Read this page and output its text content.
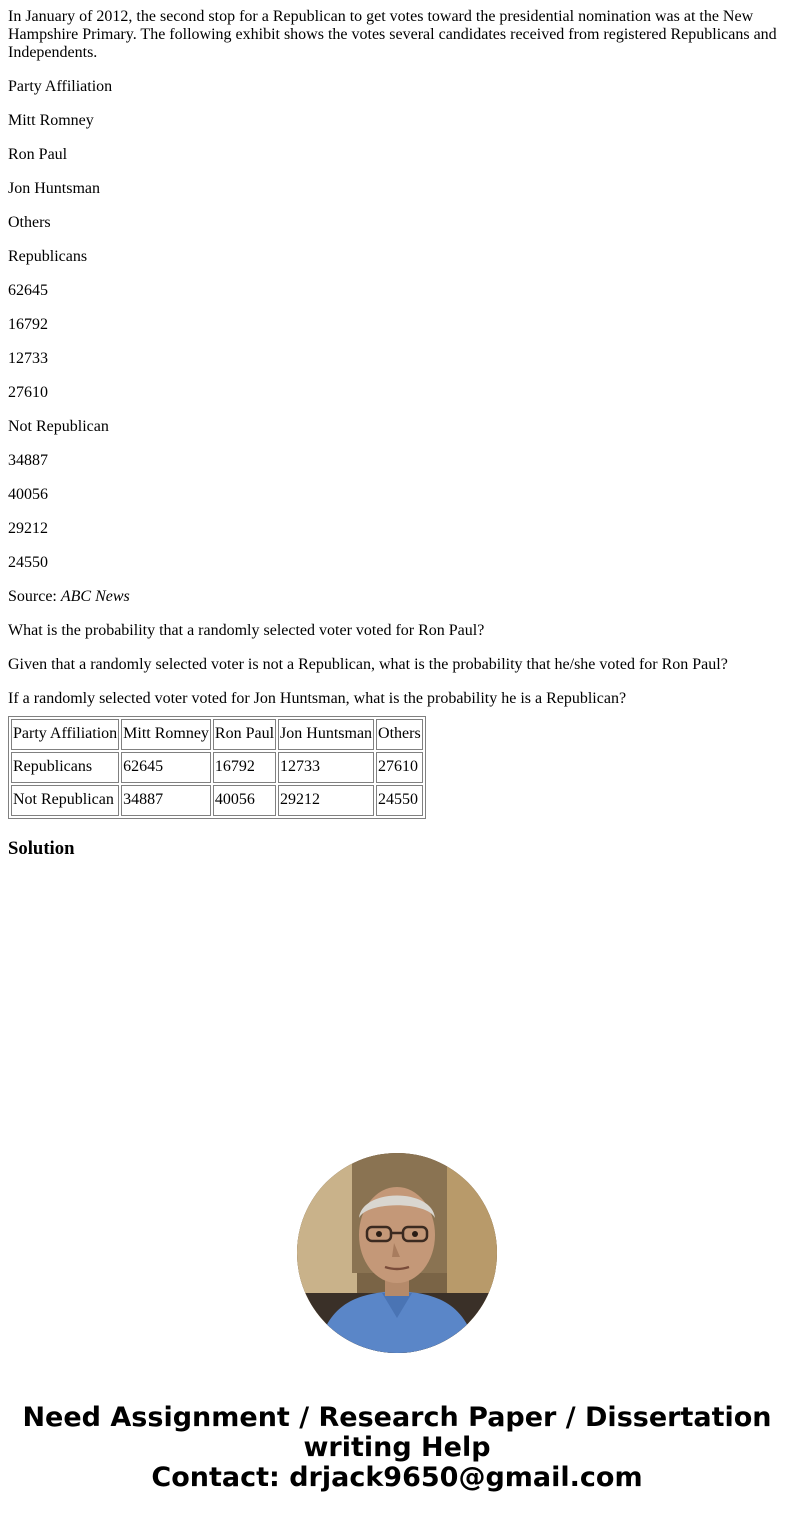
In January of 2012, the second stop for a Republican to get votes toward the presidential nomination was at the New Hampshire Primary. The following exhibit shows the votes several candidates received from registered Republicans and Independents.

Party Affiliation

Mitt Romney

Ron Paul

Jon Huntsman

Others

Republicans

62645

16792

12733

27610

Not Republican

34887

40056

29212

24550

Source: ABC News

What is the probability that a randomly selected voter voted for Ron Paul?

Given that a randomly selected voter is not a Republican, what is the probability that he/she voted for Ron Paul?

If a randomly selected voter voted for Jon Huntsman, what is the probability he is a Republican?

Party Affiliation	Mitt Romney	Ron Paul	Jon Huntsman	Others
Republicans	62645	16792	12733	27610
Not Republican	34887	40056	29212	24550
Solution
Need Assignment / Research Paper / Dissertation
writing Help
Contact: drjack9650@gmail.com
